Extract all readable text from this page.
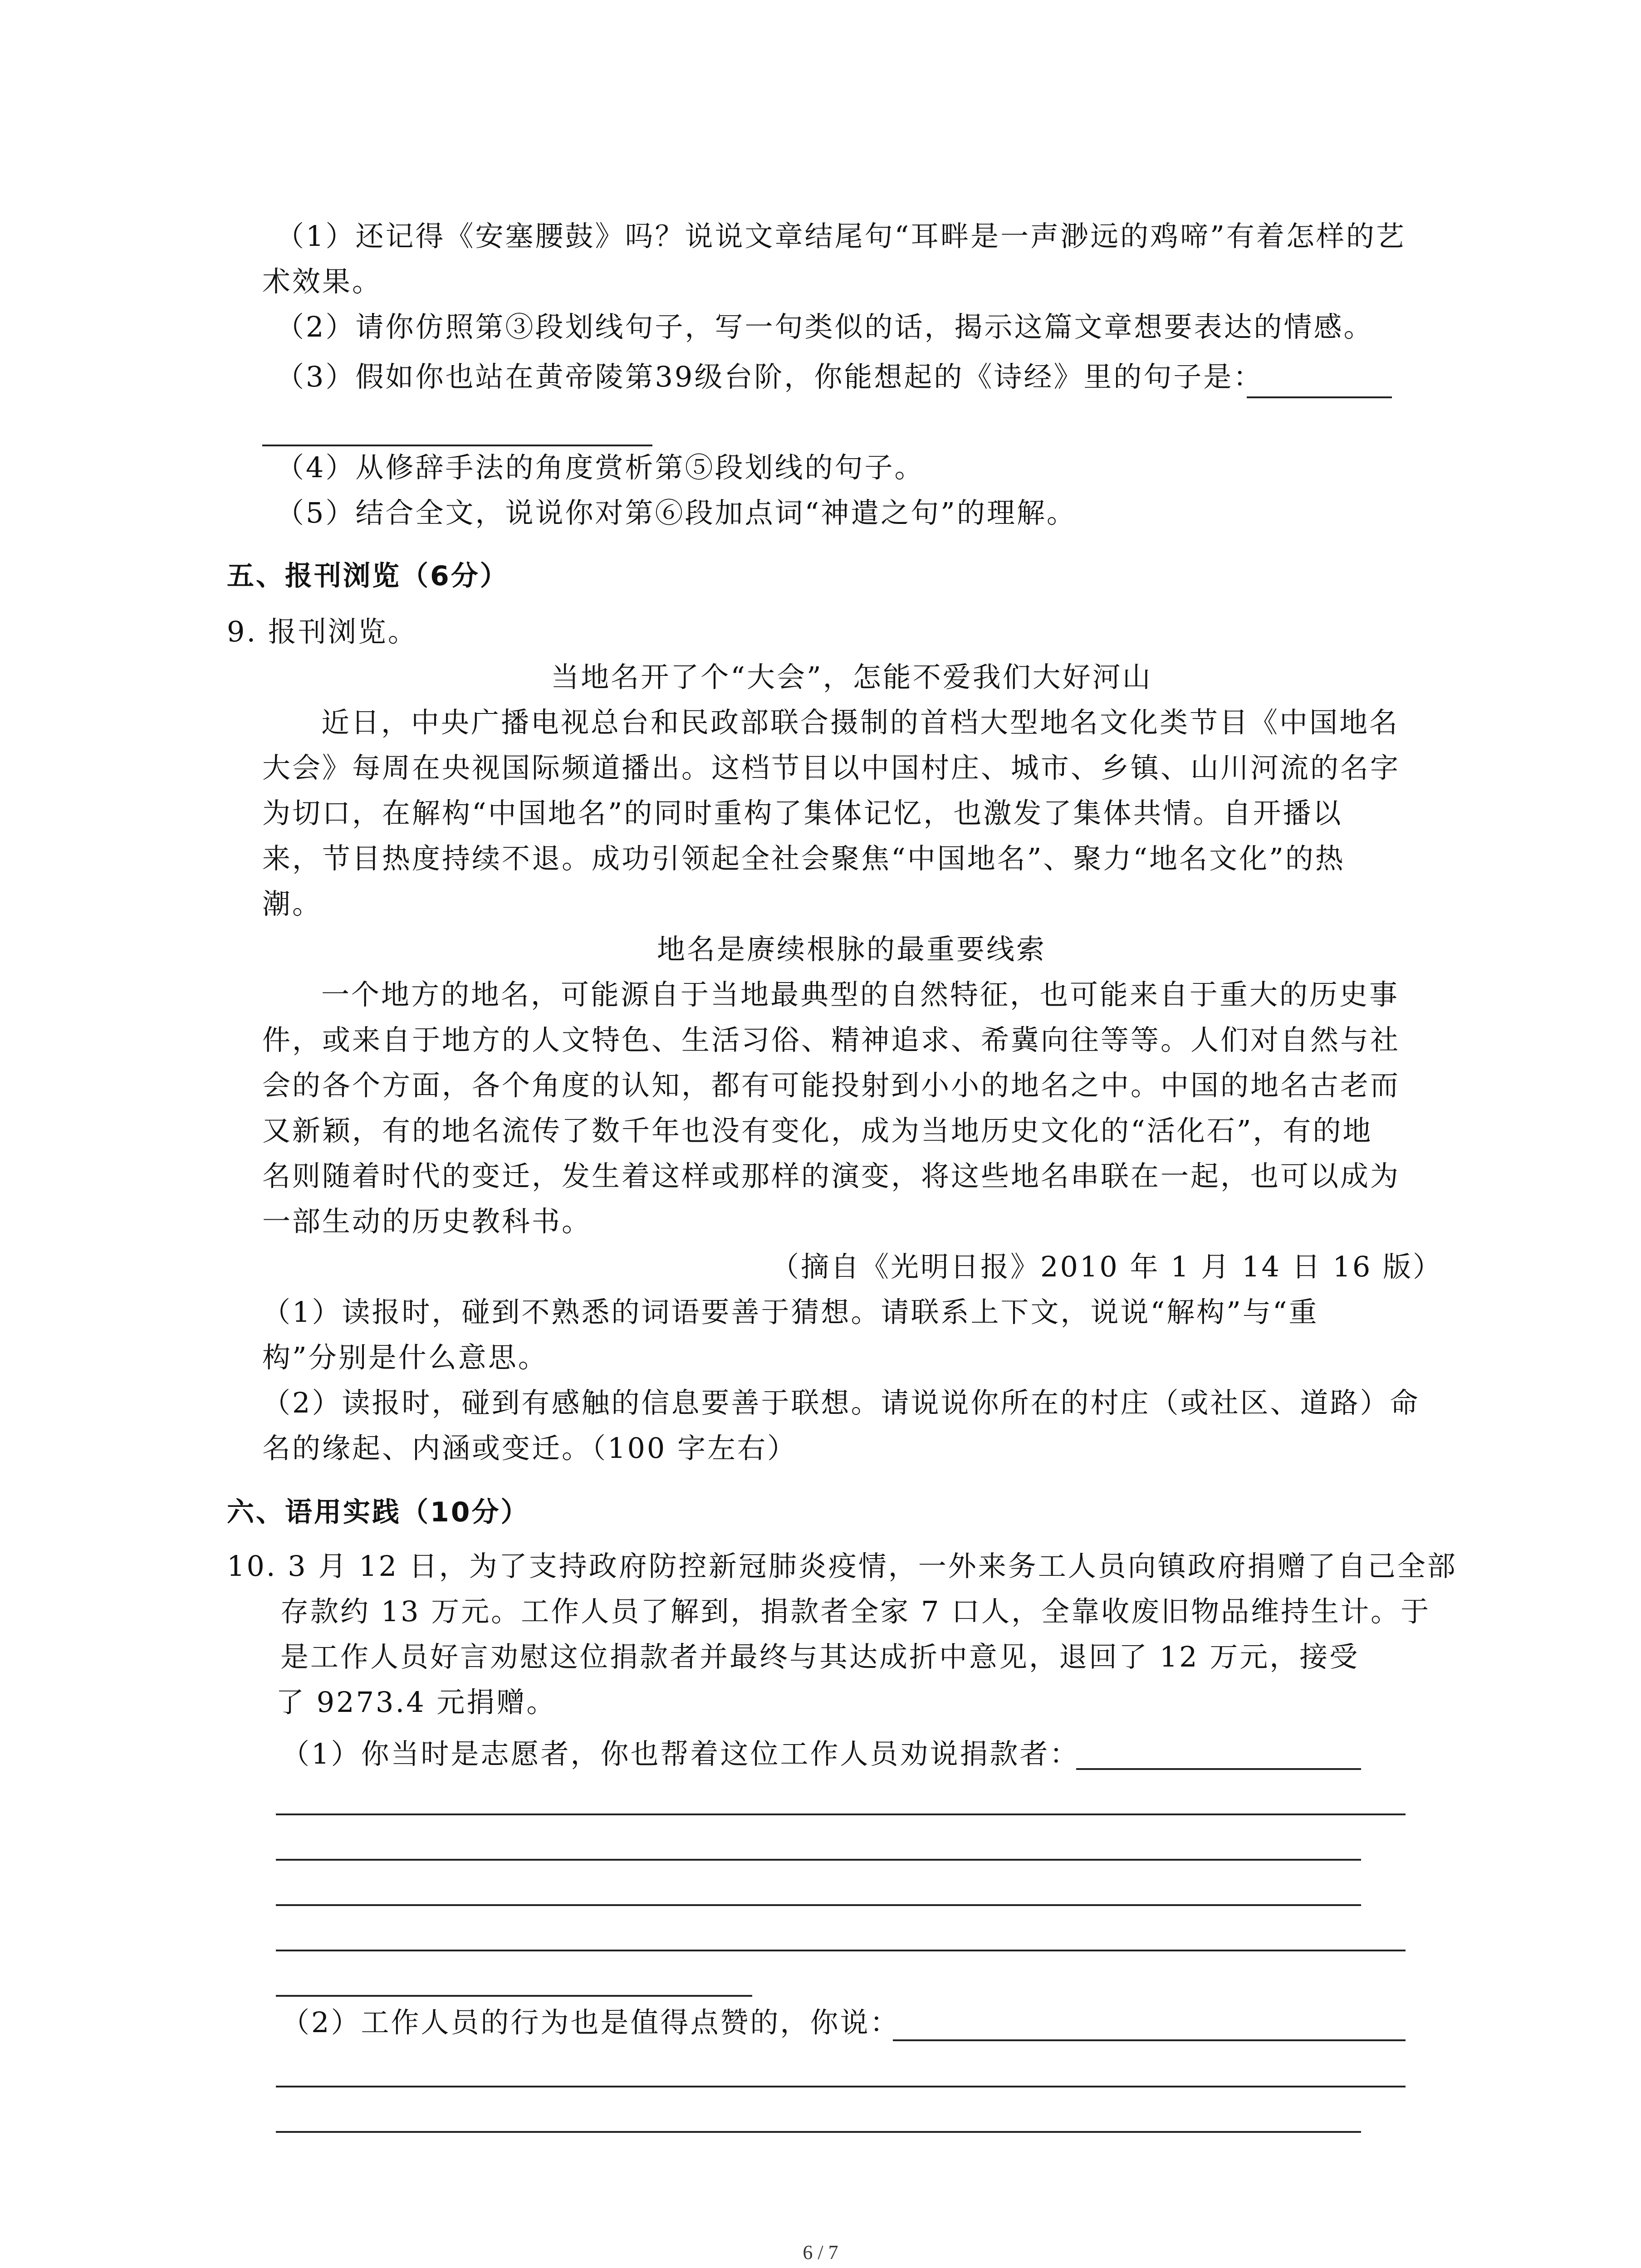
（1）还记得《安塞腰鼓》吗？说说文章结尾句“耳畔是一声渺远的鸡啼”有着怎样的艺
术效果。
（2）请你仿照第③段划线句子，写一句类似的话，揭示这篇文章想要表达的情感。
（3）假如你也站在黄帝陵第39级台阶，你能想起的《诗经》里的句子是：
（4）从修辞手法的角度赏析第⑤段划线的句子。
（5）结合全文，说说你对第⑥段加点词“神遣之句”的理解。
五、报刊浏览（6分）
9. 报刊浏览。
当地名开了个“大会”，怎能不爱我们大好河山
近日，中央广播电视总台和民政部联合摄制的首档大型地名文化类节目《中国地名
大会》每周在央视国际频道播出。这档节目以中国村庄、城市、乡镇、山川河流的名字
为切口，在解构“中国地名”的同时重构了集体记忆，也激发了集体共情。自开播以
来，节目热度持续不退。成功引领起全社会聚焦“中国地名”、聚力“地名文化”的热
潮。
地名是赓续根脉的最重要线索
一个地方的地名，可能源自于当地最典型的自然特征，也可能来自于重大的历史事
件，或来自于地方的人文特色、生活习俗、精神追求、希冀向往等等。人们对自然与社
会的各个方面，各个角度的认知，都有可能投射到小小的地名之中。中国的地名古老而
又新颖，有的地名流传了数千年也没有变化，成为当地历史文化的“活化石”，有的地
名则随着时代的变迁，发生着这样或那样的演变，将这些地名串联在一起，也可以成为
一部生动的历史教科书。
（摘自《光明日报》2010 年 1 月 14 日 16 版）
（1）读报时，碰到不熟悉的词语要善于猜想。请联系上下文，说说“解构”与“重
构”分别是什么意思。
（2）读报时，碰到有感触的信息要善于联想。请说说你所在的村庄（或社区、道路）命
名的缘起、内涵或变迁。（100 字左右）
六、语用实践（10分）
10. 3 月 12 日，为了支持政府防控新冠肺炎疫情，一外来务工人员向镇政府捐赠了自己全部
存款约 13 万元。工作人员了解到，捐款者全家 7 口人，全靠收废旧物品维持生计。于
是工作人员好言劝慰这位捐款者并最终与其达成折中意见，退回了 12 万元，接受
了 9273.4 元捐赠。
（1）你当时是志愿者，你也帮着这位工作人员劝说捐款者：
（2）工作人员的行为也是值得点赞的，你说：
6 / 7
